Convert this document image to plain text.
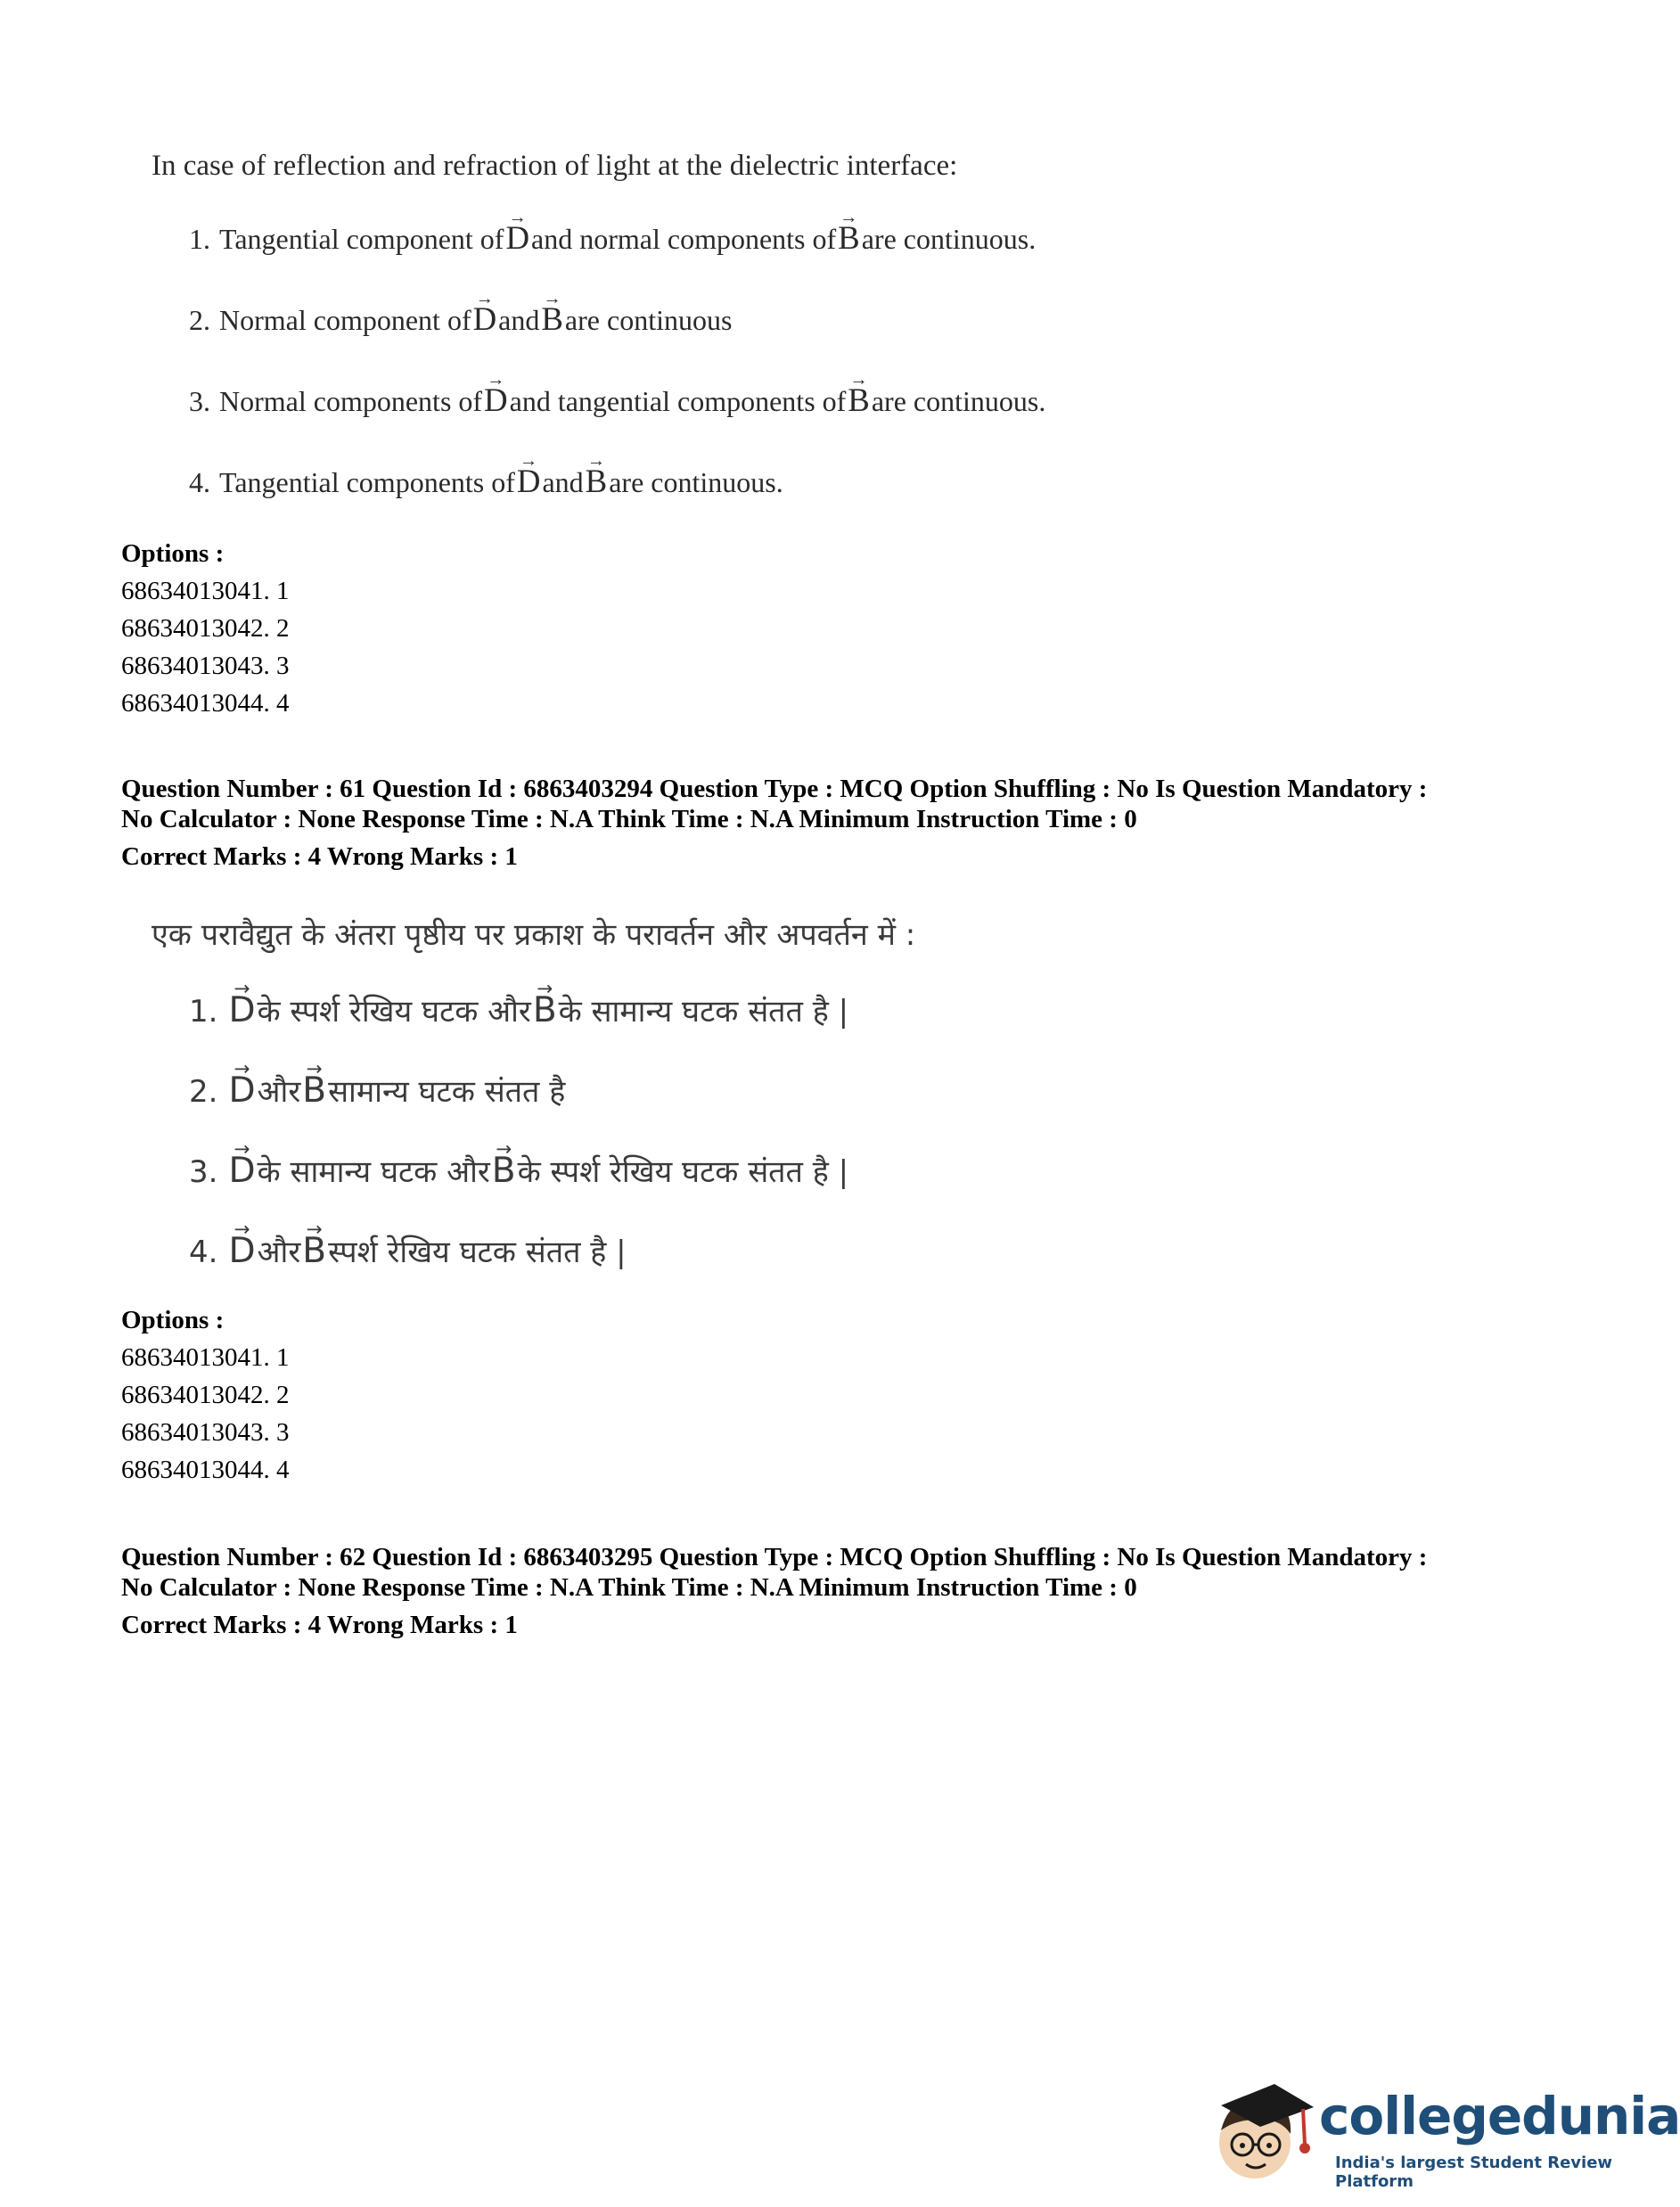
In case of reflection and refraction of light at the dielectric interface:
1. Tangential component of → D and normal components of → B are continuous.
2. Normal component of → D and → B are continuous
3. Normal components of → D and tangential components of → B are continuous.
4. Tangential components of → D and → B are continuous.
Options :
68634013041. 1
68634013042. 2
68634013043. 3
68634013044. 4
Question Number : 61 Question Id : 6863403294 Question Type : MCQ Option Shuffling : No Is Question Mandatory :
No Calculator : None Response Time : N.A Think Time : N.A Minimum Instruction Time : 0
Correct Marks : 4 Wrong Marks : 1
एक परावैद्युत के अंतरा पृष्ठीय पर प्रकाश के परावर्तन और अपवर्तन में :
1. → D के स्पर्श रेखिय घटक और → B के सामान्य घटक संतत है |
2. → D और → B सामान्य घटक संतत है
3. → D के सामान्य घटक और → B के स्पर्श रेखिय घटक संतत है |
4. → D और → B स्पर्श रेखिय घटक संतत है |
Options :
68634013041. 1
68634013042. 2
68634013043. 3
68634013044. 4
Question Number : 62 Question Id : 6863403295 Question Type : MCQ Option Shuffling : No Is Question Mandatory :
No Calculator : None Response Time : N.A Think Time : N.A Minimum Instruction Time : 0
Correct Marks : 4 Wrong Marks : 1
collegedunia
India's largest Student Review Platform
